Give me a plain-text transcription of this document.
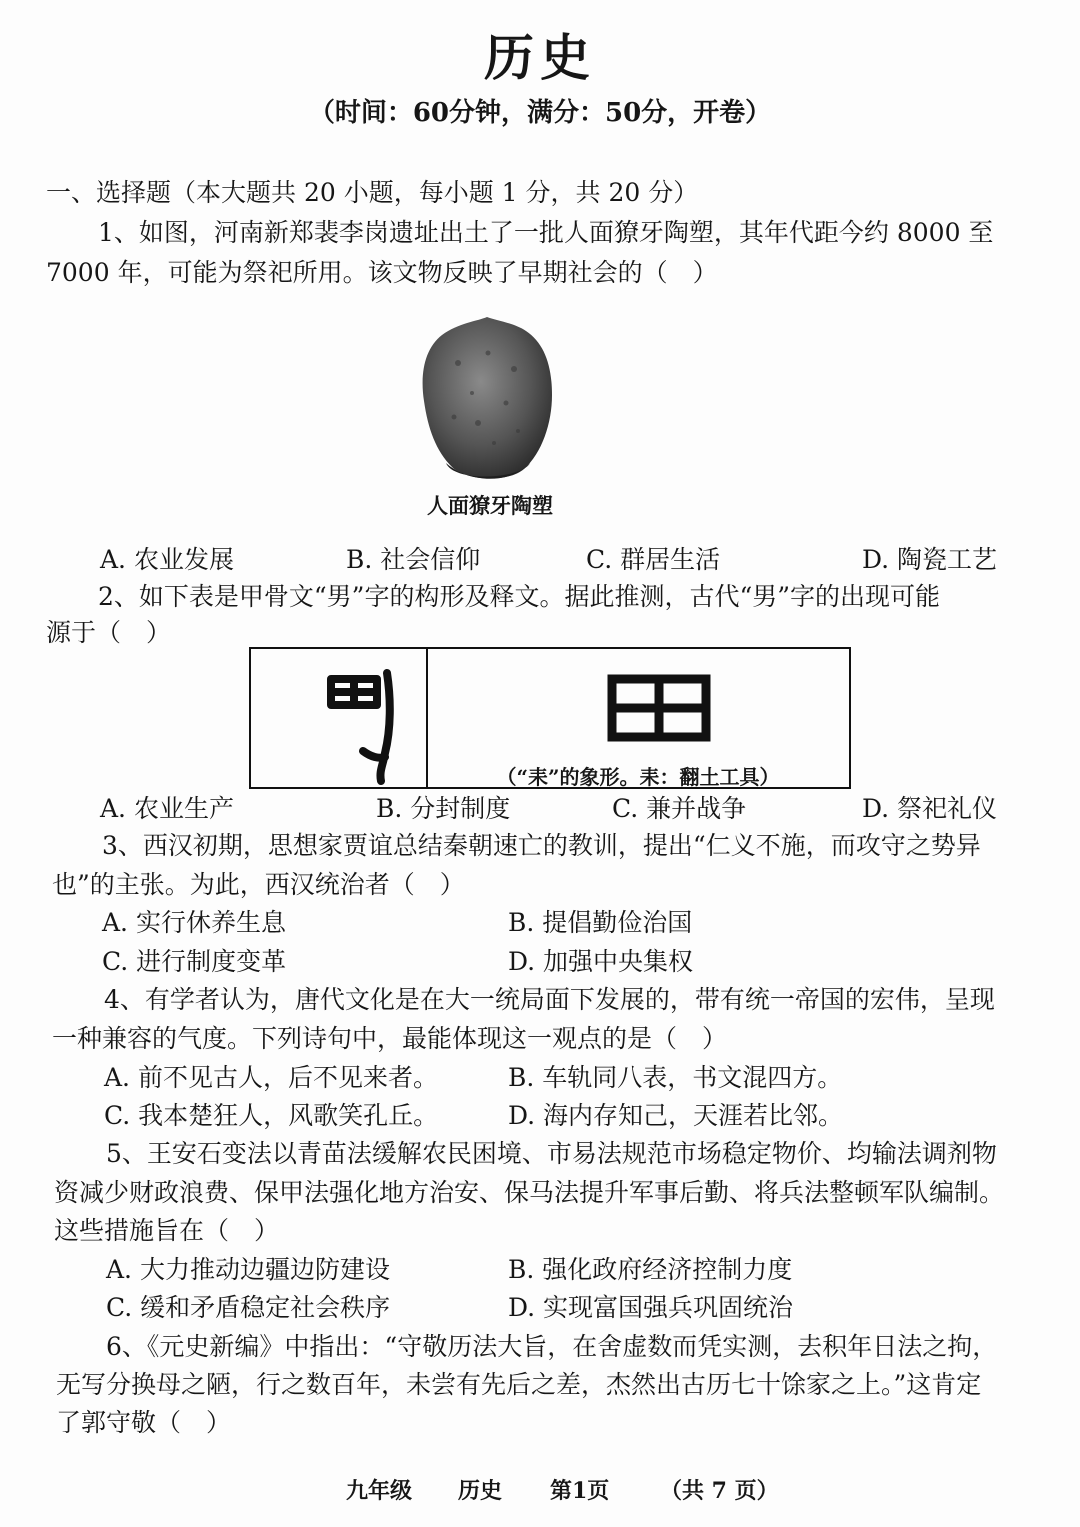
历史
（时间：60分钟，满分：50分，开卷）
一、选择题（本大题共 20 小题，每小题 1 分，共 20 分）
1、如图，河南新郑裴李岗遗址出土了一批人面獠牙陶塑，其年代距今约 8000 至
7000 年，可能为祭祀所用。该文物反映了早期社会的（　）
人面獠牙陶塑
A. 农业发展	B. 社会信仰	C. 群居生活	D. 陶瓷工艺
2、如下表是甲骨文“男”字的构形及释文。据此推测，古代“男”字的出现可能
源于（　）
（“耒”的象形。耒：翻土工具）
A. 农业生产	B. 分封制度	C. 兼并战争	D. 祭祀礼仪
3、西汉初期，思想家贾谊总结秦朝速亡的教训，提出“仁义不施，而攻守之势异
也”的主张。为此，西汉统治者（　）
A. 实行休养生息	B. 提倡勤俭治国
C. 进行制度变革	D. 加强中央集权
4、有学者认为，唐代文化是在大一统局面下发展的，带有统一帝国的宏伟，呈现
一种兼容的气度。下列诗句中，最能体现这一观点的是（　）
A. 前不见古人，后不见来者。	B. 车轨同八表，书文混四方。
C. 我本楚狂人，风歌笑孔丘。	D. 海内存知己，天涯若比邻。
5、王安石变法以青苗法缓解农民困境、市易法规范市场稳定物价、均输法调剂物
资减少财政浪费、保甲法强化地方治安、保马法提升军事后勤、将兵法整顿军队编制。
这些措施旨在（　）
A. 大力推动边疆边防建设	B. 强化政府经济控制力度
C. 缓和矛盾稳定社会秩序	D. 实现富国强兵巩固统治
6、《元史新编》中指出：“守敬历法大旨，在舍虚数而凭实测，去积年日法之拘，
无写分换母之陋，行之数百年，未尝有先后之差，杰然出古历七十馀家之上。”这肯定
了郭守敬（　）
九年级 历史 第1页 （共 7 页）
